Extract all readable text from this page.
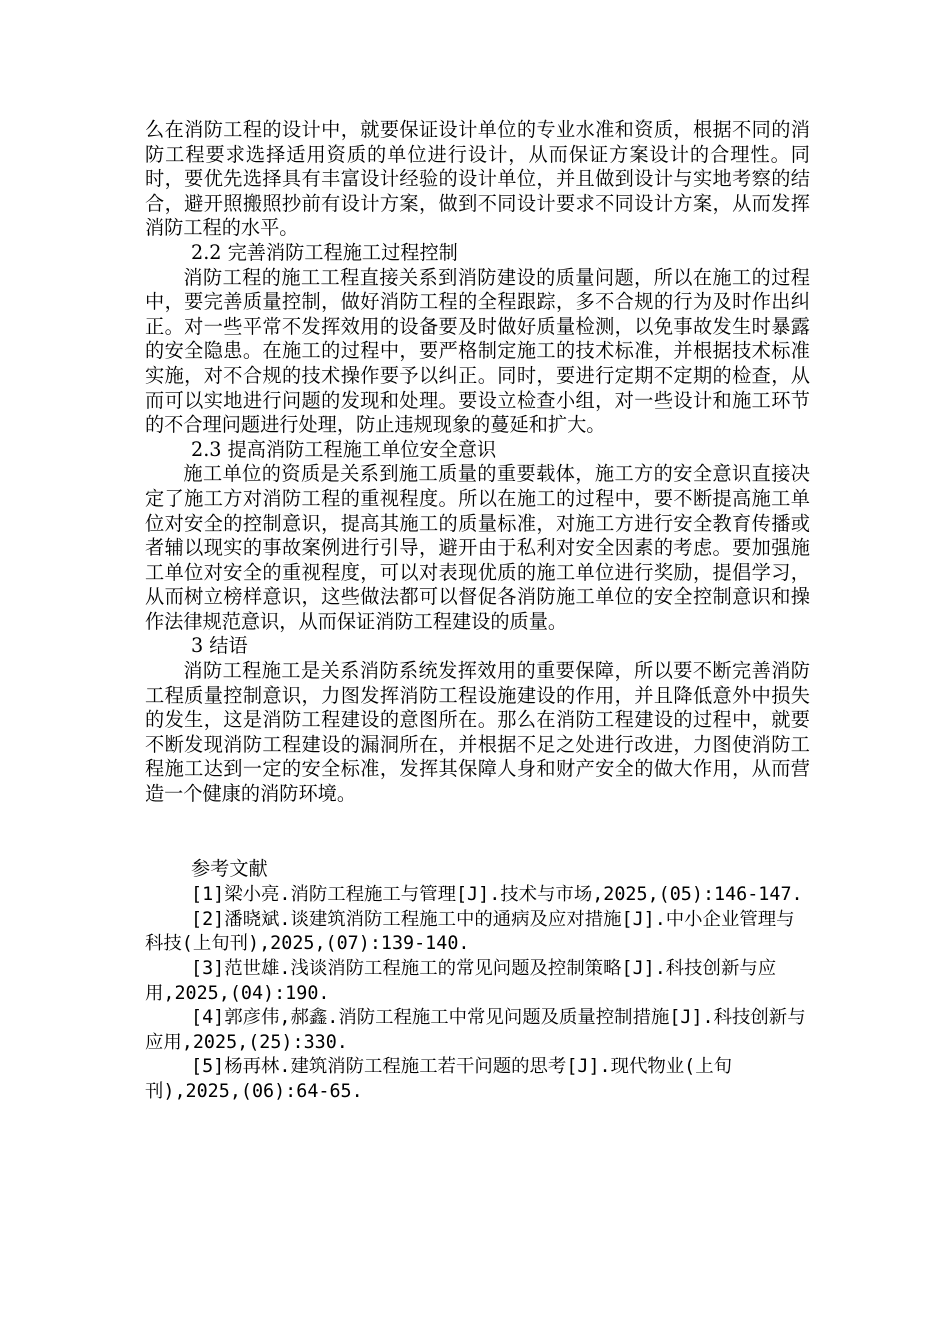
么在消防工程的设计中，就要保证设计单位的专业水准和资质，根据不同的消防工程要求选择适用资质的单位进行设计，从而保证方案设计的合理性。同时，要优先选择具有丰富设计经验的设计单位，并且做到设计与实地考察的结合，避开照搬照抄前有设计方案，做到不同设计要求不同设计方案，从而发挥消防工程的水平。

2.2 完善消防工程施工过程控制

消防工程的施工工程直接关系到消防建设的质量问题，所以在施工的过程中，要完善质量控制，做好消防工程的全程跟踪，多不合规的行为及时作出纠正。对一些平常不发挥效用的设备要及时做好质量检测，以免事故发生时暴露的安全隐患。在施工的过程中，要严格制定施工的技术标准，并根据技术标准实施，对不合规的技术操作要予以纠正。同时，要进行定期不定期的检查，从而可以实地进行问题的发现和处理。要设立检查小组，对一些设计和施工环节的不合理问题进行处理，防止违规现象的蔓延和扩大。

2.3 提高消防工程施工单位安全意识

施工单位的资质是关系到施工质量的重要载体，施工方的安全意识直接决定了施工方对消防工程的重视程度。所以在施工的过程中，要不断提高施工单位对安全的控制意识，提高其施工的质量标准，对施工方进行安全教育传播或者辅以现实的事故案例进行引导，避开由于私利对安全因素的考虑。要加强施工单位对安全的重视程度，可以对表现优质的施工单位进行奖励，提倡学习，从而树立榜样意识，这些做法都可以督促各消防施工单位的安全控制意识和操作法律规范意识，从而保证消防工程建设的质量。

3 结语

消防工程施工是关系消防系统发挥效用的重要保障，所以要不断完善消防工程质量控制意识，力图发挥消防工程设施建设的作用，并且降低意外中损失的发生，这是消防工程建设的意图所在。那么在消防工程建设的过程中，就要不断发现消防工程建设的漏洞所在，并根据不足之处进行改进，力图使消防工程施工达到一定的安全标准，发挥其保障人身和财产安全的做大作用，从而营造一个健康的消防环境。

参考文献

[1]梁小亮.消防工程施工与管理[J].技术与市场,2025,(05):146-147.

[2]潘晓斌.谈建筑消防工程施工中的通病及应对措施[J].中小企业管理与科技(上旬刊),2025,(07):139-140.

[3]范世雄.浅谈消防工程施工的常见问题及控制策略[J].科技创新与应用,2025,(04):190.

[4]郭彦伟,郝鑫.消防工程施工中常见问题及质量控制措施[J].科技创新与应用,2025,(25):330.

[5]杨再林.建筑消防工程施工若干问题的思考[J].现代物业(上旬刊),2025,(06):64-65.
